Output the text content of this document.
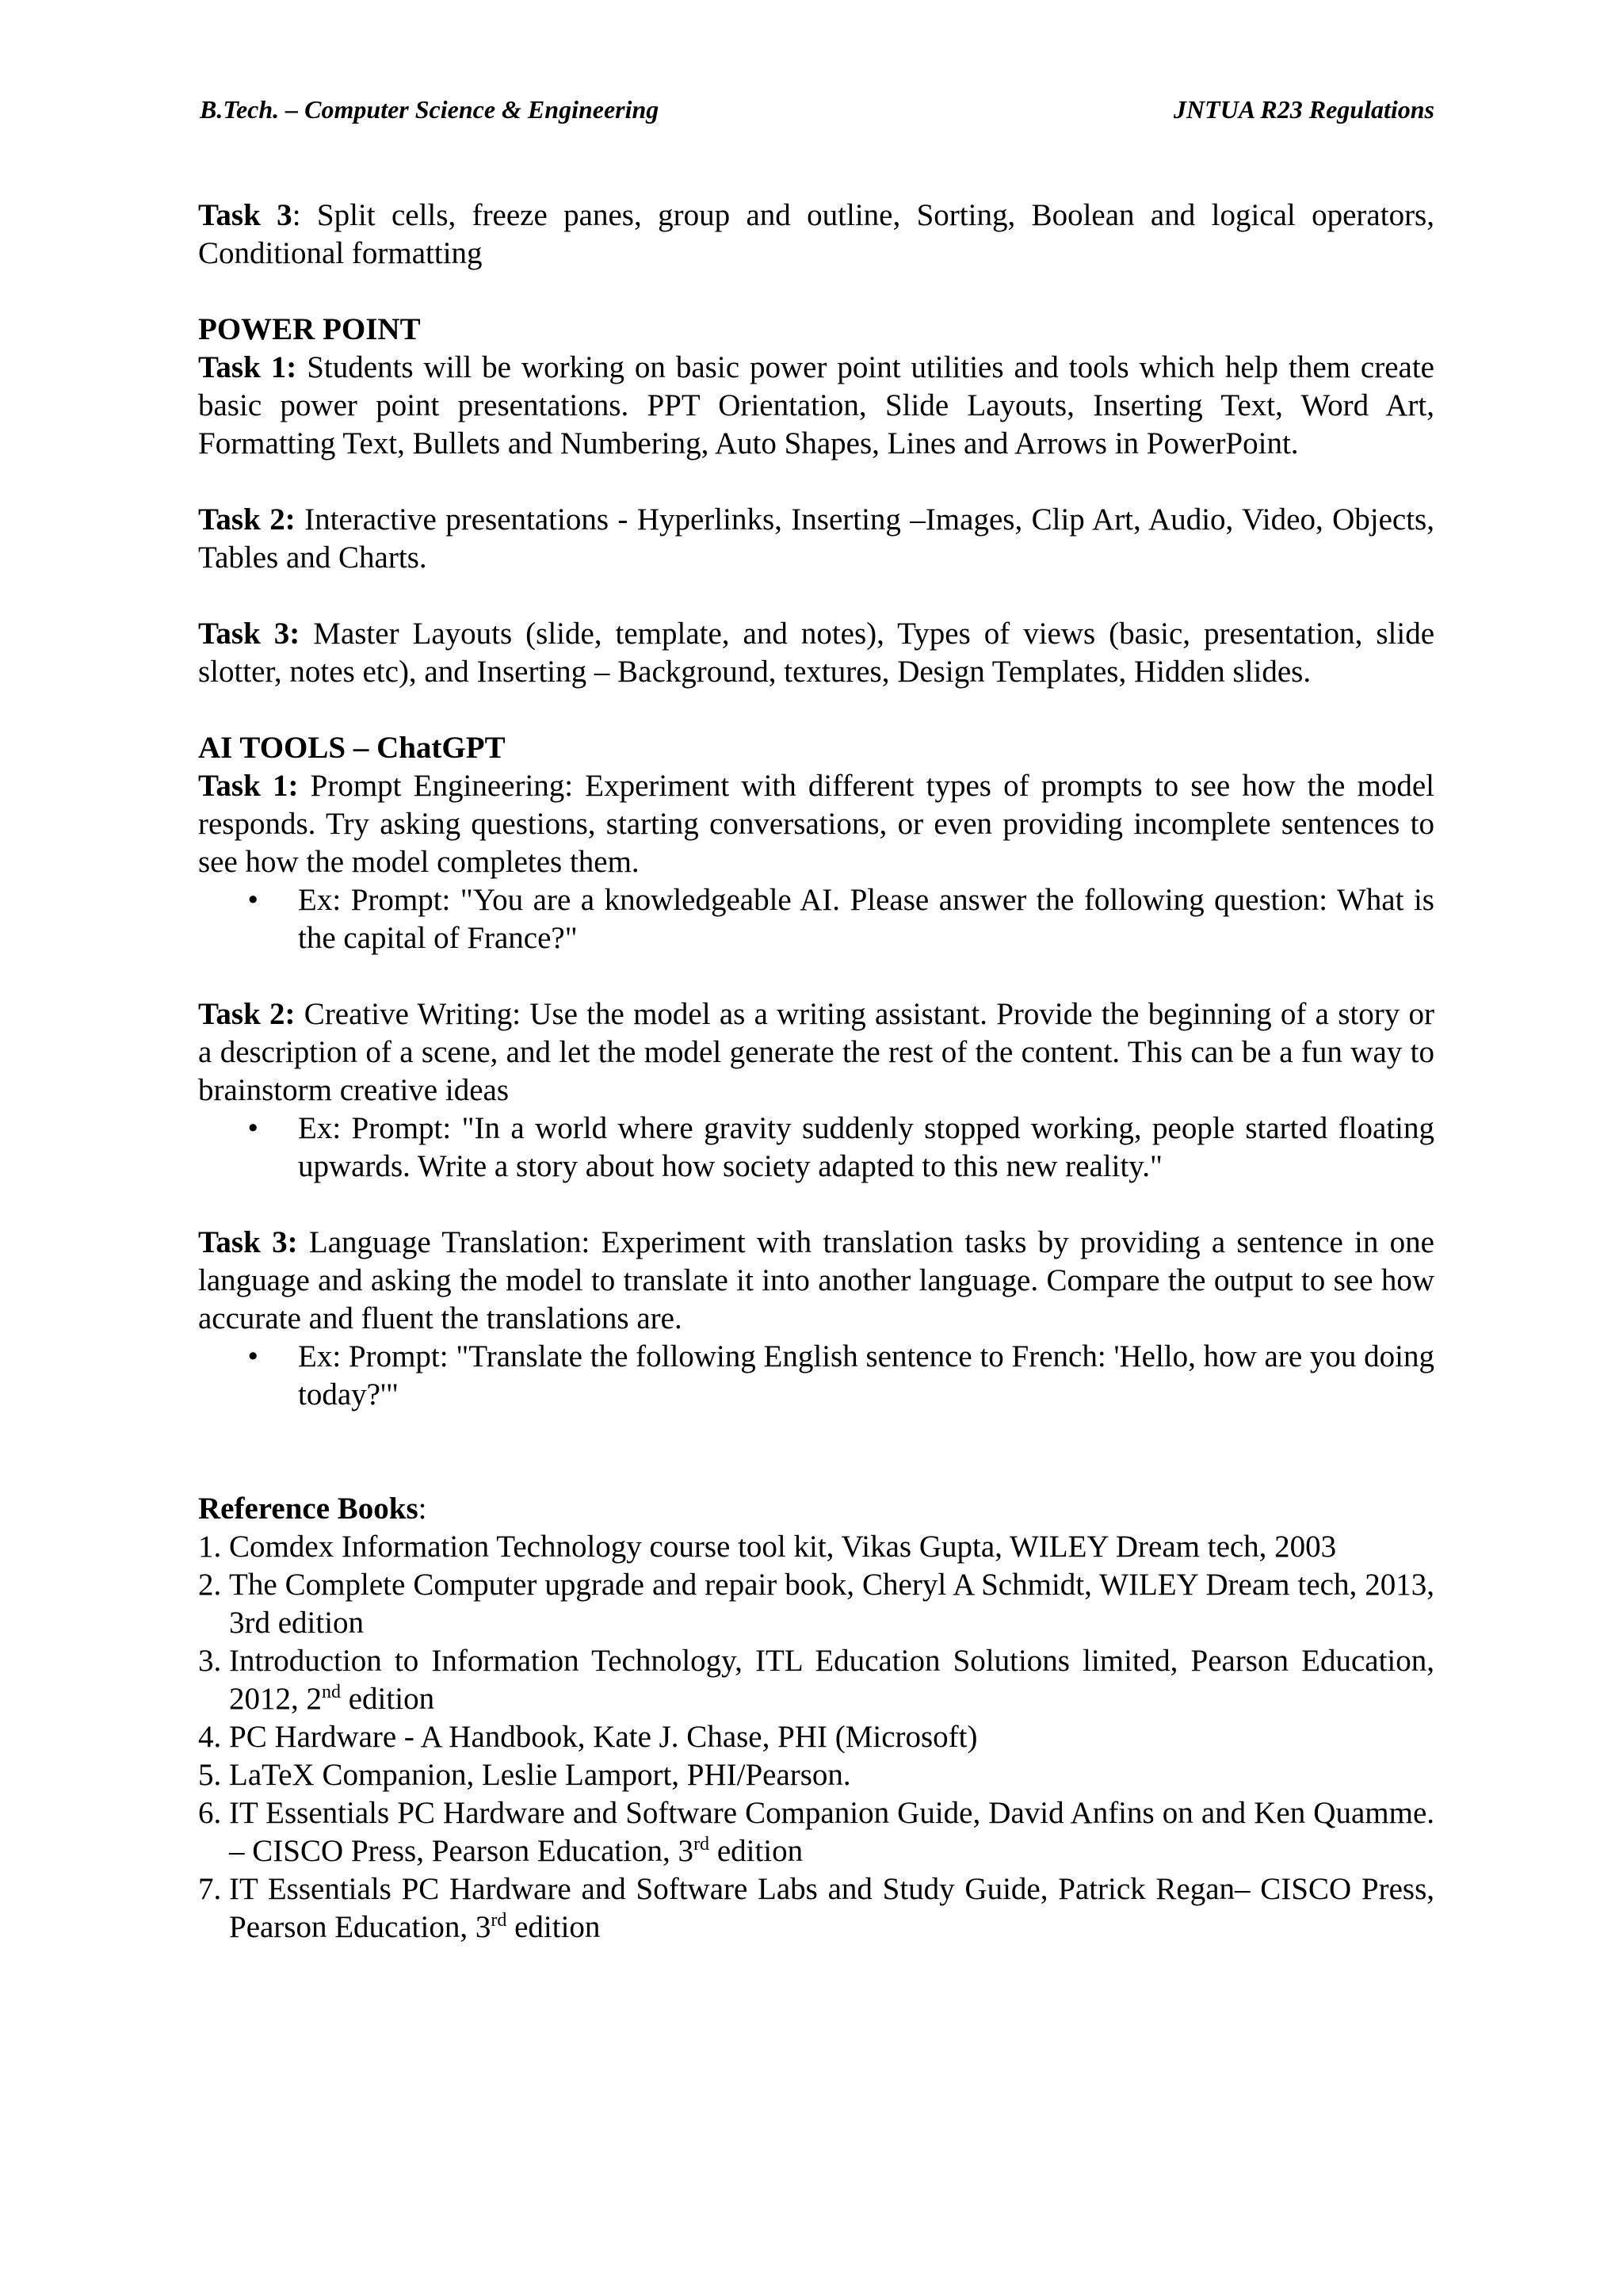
B.Tech. – Computer Science & Engineering	JNTUA R23 Regulations

Task 3: Split cells, freeze panes, group and outline, Sorting, Boolean and logical operators, Conditional formatting

POWER POINT

Task 1: Students will be working on basic power point utilities and tools which help them create basic power point presentations. PPT Orientation, Slide Layouts, Inserting Text, Word Art, Formatting Text, Bullets and Numbering, Auto Shapes, Lines and Arrows in PowerPoint.

Task 2: Interactive presentations - Hyperlinks, Inserting –Images, Clip Art, Audio, Video, Objects, Tables and Charts.

Task 3: Master Layouts (slide, template, and notes), Types of views (basic, presentation, slide slotter, notes etc), and Inserting – Background, textures, Design Templates, Hidden slides.

AI TOOLS – ChatGPT

Task 1: Prompt Engineering: Experiment with different types of prompts to see how the model responds. Try asking questions, starting conversations, or even providing incomplete sentences to see how the model completes them.

•	Ex: Prompt: "You are a knowledgeable AI. Please answer the following question: What is the capital of France?"

Task 2: Creative Writing: Use the model as a writing assistant. Provide the beginning of a story or a description of a scene, and let the model generate the rest of the content. This can be a fun way to brainstorm creative ideas

•	Ex: Prompt: "In a world where gravity suddenly stopped working, people started floating upwards. Write a story about how society adapted to this new reality."

Task 3: Language Translation: Experiment with translation tasks by providing a sentence in one language and asking the model to translate it into another language. Compare the output to see how accurate and fluent the translations are.

•	Ex: Prompt: "Translate the following English sentence to French: 'Hello, how are you doing today?'"

Reference Books:

1. Comdex Information Technology course tool kit, Vikas Gupta, WILEY Dream tech, 2003
2. The Complete Computer upgrade and repair book, Cheryl A Schmidt, WILEY Dream tech, 2013, 3rd edition
3. Introduction to Information Technology, ITL Education Solutions limited, Pearson Education, 2012, 2nd edition
4. PC Hardware - A Handbook, Kate J. Chase, PHI (Microsoft)
5. LaTeX Companion, Leslie Lamport, PHI/Pearson.
6. IT Essentials PC Hardware and Software Companion Guide, David Anfins on and Ken Quamme. – CISCO Press, Pearson Education, 3rd edition
7. IT Essentials PC Hardware and Software Labs and Study Guide, Patrick Regan– CISCO Press, Pearson Education, 3rd edition
